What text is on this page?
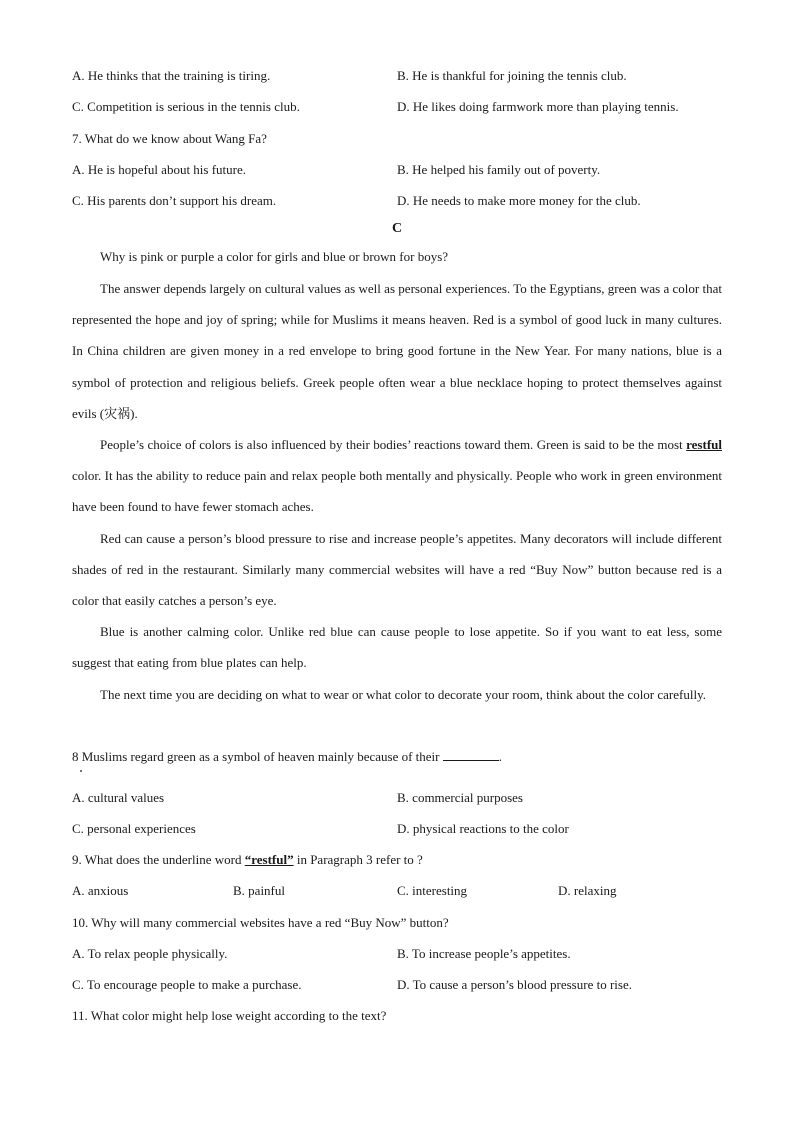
A. He thinks that the training is tiring.	B. He is thankful for joining the tennis club.
C. Competition is serious in the tennis club.	D. He likes doing farmwork more than playing tennis.
7. What do we know about Wang Fa?
A. He is hopeful about his future.	B. He helped his family out of poverty.
C. His parents don’t support his dream.	D. He needs to make more money for the club.
C
Why is pink or purple a color for girls and blue or brown for boys?
The answer depends largely on cultural values as well as personal experiences. To the Egyptians, green was a color that represented the hope and joy of spring; while for Muslims it means heaven. Red is a symbol of good luck in many cultures. In China children are given money in a red envelope to bring good fortune in the New Year. For many nations, blue is a symbol of protection and religious beliefs. Greek people often wear a blue necklace hoping to protect themselves against evils (灾祸).
People’s choice of colors is also influenced by their bodies’ reactions toward them. Green is said to be the most restful color. It has the ability to reduce pain and relax people both mentally and physically. People who work in green environment have been found to have fewer stomach aches.
Red can cause a person’s blood pressure to rise and increase people’s appetites. Many decorators will include different shades of red in the restaurant. Similarly many commercial websites will have a red “Buy Now” button because red is a color that easily catches a person’s eye.
Blue is another calming color. Unlike red blue can cause people to lose appetite. So if you want to eat less, some suggest that eating from blue plates can help.
The next time you are deciding on what to wear or what color to decorate your room, think about the color carefully.
8 Muslims regard green as a symbol of heaven mainly because of their	.
A. cultural values	B. commercial purposes
C. personal experiences	D. physical reactions to the color
9. What does the underline word “restful” in Paragraph 3 refer to ?
A. anxious	B. painful	C. interesting	D. relaxing
10. Why will many commercial websites have a red “Buy Now” button?
A. To relax people physically.	B. To increase people’s appetites.
C. To encourage people to make a purchase.	D. To cause a person’s blood pressure to rise.
11. What color might help lose weight according to the text?
